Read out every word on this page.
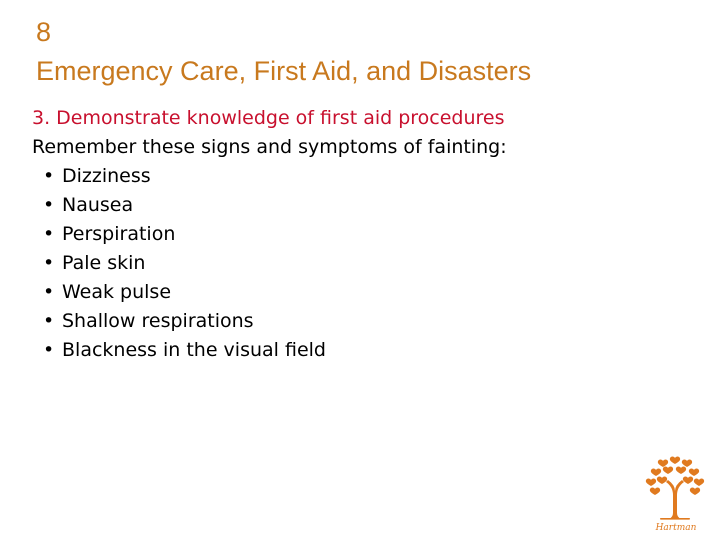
8
Emergency Care, First Aid, and Disasters
3. Demonstrate knowledge of first aid procedures
Remember these signs and symptoms of fainting:
• Dizziness
• Nausea
• Perspiration
• Pale skin
• Weak pulse
• Shallow respirations
• Blackness in the visual field
Hartman
